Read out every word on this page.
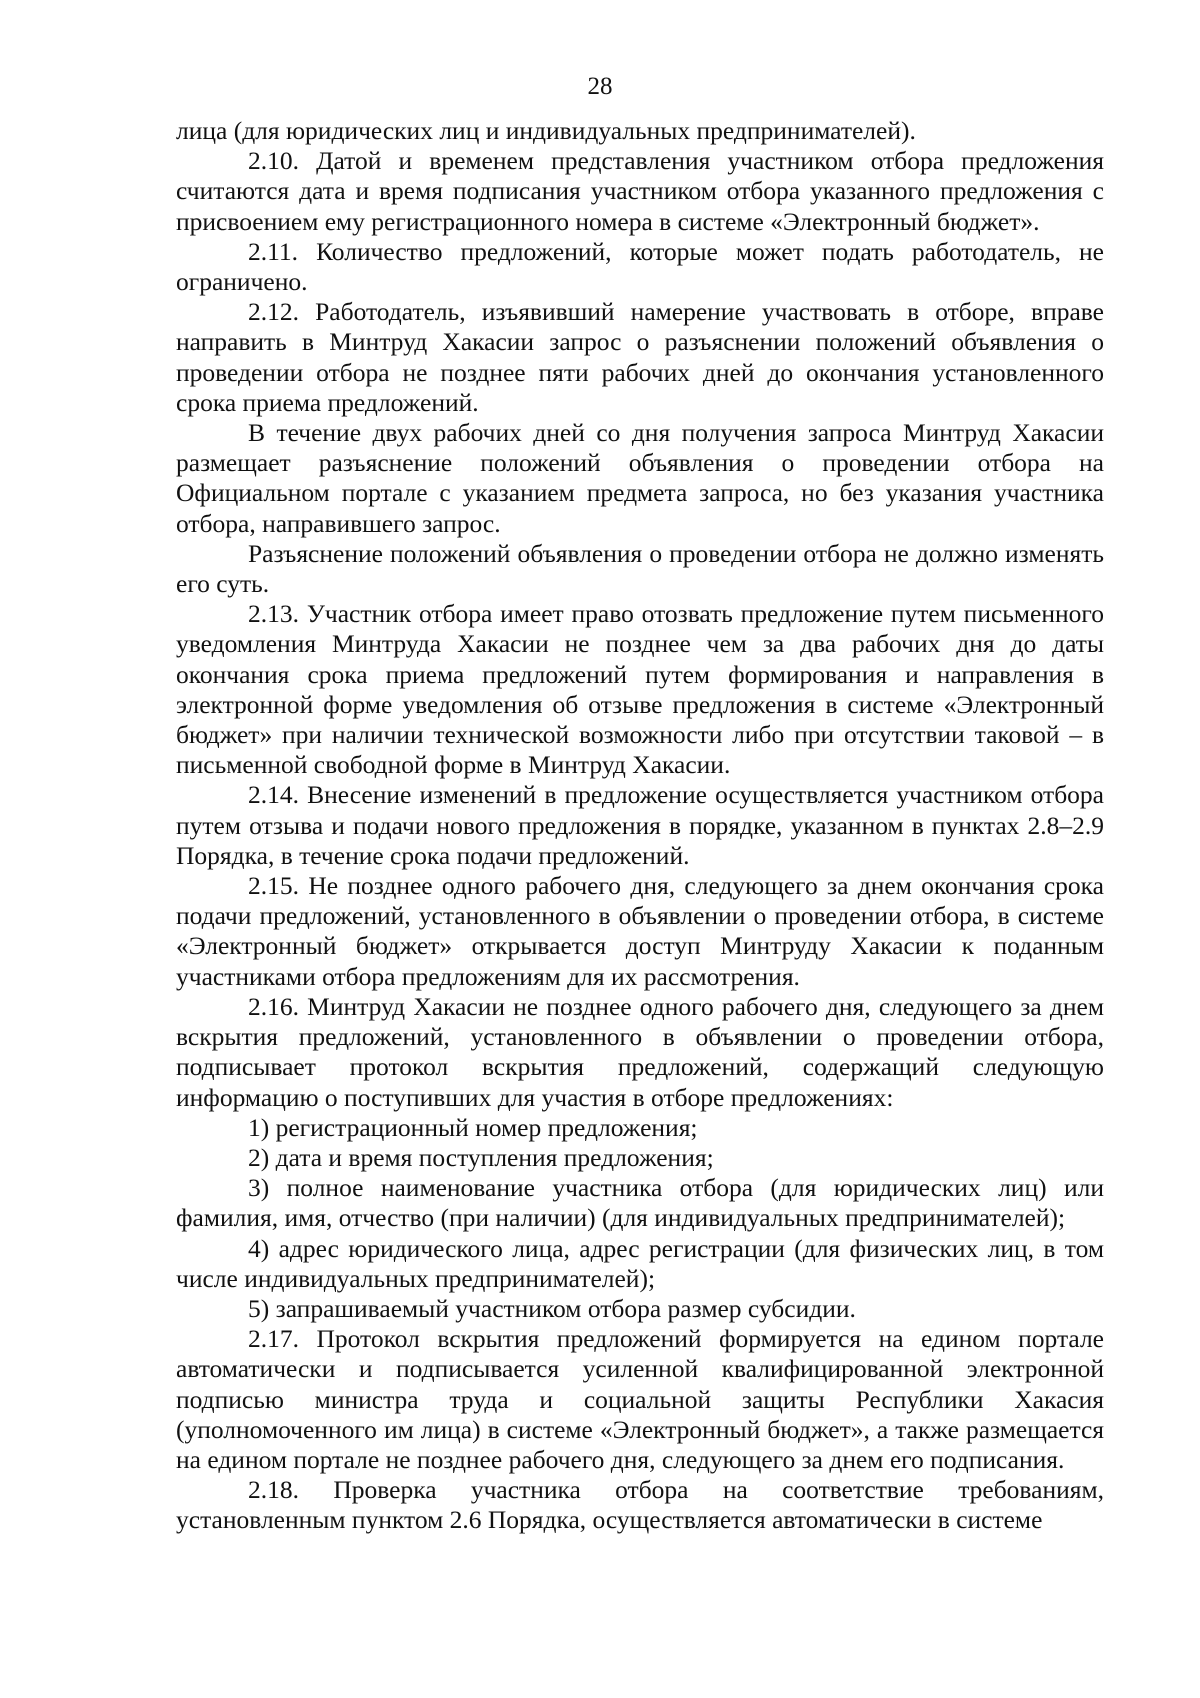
28

лица (для юридических лиц и индивидуальных предпринимателей).

2.10. Датой и временем представления участником отбора предложения считаются дата и время подписания участником отбора указанного предложения с присвоением ему регистрационного номера в системе «Электронный бюджет».

2.11. Количество предложений, которые может подать работодатель, не ограничено.

2.12. Работодатель, изъявивший намерение участвовать в отборе, вправе направить в Минтруд Хакасии запрос о разъяснении положений объявления о проведении отбора не позднее пяти рабочих дней до окончания установленного срока приема предложений.

В течение двух рабочих дней со дня получения запроса Минтруд Хакасии размещает разъяснение положений объявления о проведении отбора на Официальном портале с указанием предмета запроса, но без указания участника отбора, направившего запрос.

Разъяснение положений объявления о проведении отбора не должно изменять его суть.

2.13. Участник отбора имеет право отозвать предложение путем письменного уведомления Минтруда Хакасии не позднее чем за два рабочих дня до даты окончания срока приема предложений путем формирования и направления в электронной форме уведомления об отзыве предложения в системе «Электронный бюджет» при наличии технической возможности либо при отсутствии таковой – в письменной свободной форме в Минтруд Хакасии.

2.14. Внесение изменений в предложение осуществляется участником отбора путем отзыва и подачи нового предложения в порядке, указанном в пунктах 2.8–2.9 Порядка, в течение срока подачи предложений.

2.15. Не позднее одного рабочего дня, следующего за днем окончания срока подачи предложений, установленного в объявлении о проведении отбора, в системе «Электронный бюджет» открывается доступ Минтруду Хакасии к поданным участниками отбора предложениям для их рассмотрения.

2.16. Минтруд Хакасии не позднее одного рабочего дня, следующего за днем вскрытия предложений, установленного в объявлении о проведении отбора, подписывает протокол вскрытия предложений, содержащий следующую информацию о поступивших для участия в отборе предложениях:

1) регистрационный номер предложения;

2) дата и время поступления предложения;

3) полное наименование участника отбора (для юридических лиц) или фамилия, имя, отчество (при наличии) (для индивидуальных предпринимателей);

4) адрес юридического лица, адрес регистрации (для физических лиц, в том числе индивидуальных предпринимателей);

5) запрашиваемый участником отбора размер субсидии.

2.17. Протокол вскрытия предложений формируется на едином портале автоматически и подписывается усиленной квалифицированной электронной подписью министра труда и социальной защиты Республики Хакасия (уполномоченного им лица) в системе «Электронный бюджет», а также размещается на едином портале не позднее рабочего дня, следующего за днем его подписания.

2.18. Проверка участника отбора на соответствие требованиям, установленным пунктом 2.6 Порядка, осуществляется автоматически в системе
